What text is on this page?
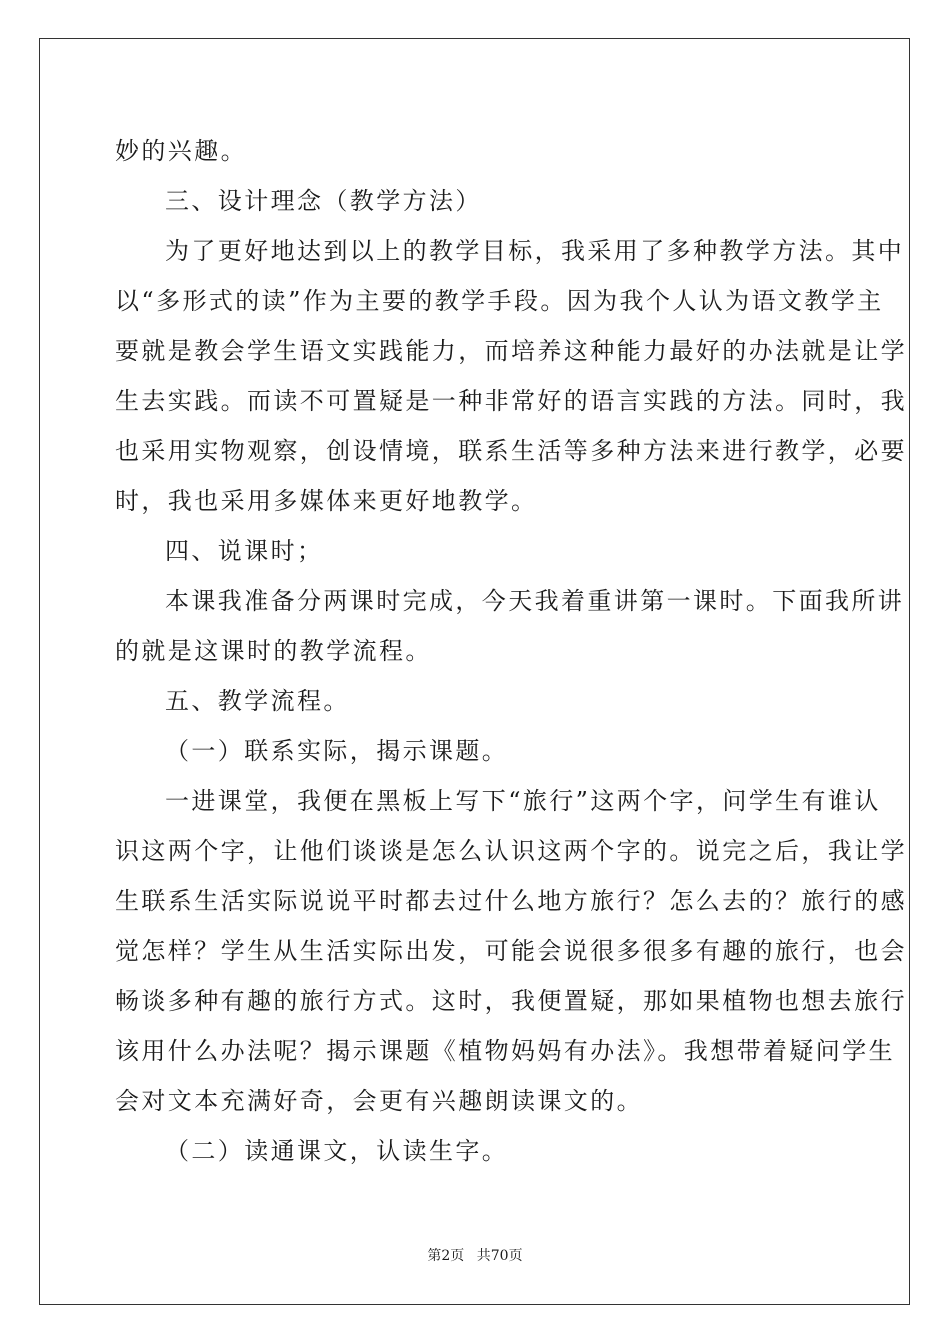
妙的兴趣。
三、设计理念（教学方法）
为了更好地达到以上的教学目标，我采用了多种教学方法。其中
以“多形式的读”作为主要的教学手段。因为我个人认为语文教学主
要就是教会学生语文实践能力，而培养这种能力最好的办法就是让学
生去实践。而读不可置疑是一种非常好的语言实践的方法。同时，我
也采用实物观察，创设情境，联系生活等多种方法来进行教学，必要
时，我也采用多媒体来更好地教学。
四、说课时；
本课我准备分两课时完成，今天我着重讲第一课时。下面我所讲
的就是这课时的教学流程。
五、教学流程。
（一）联系实际，揭示课题。
一进课堂，我便在黑板上写下“旅行”这两个字，问学生有谁认
识这两个字，让他们谈谈是怎么认识这两个字的。说完之后，我让学
生联系生活实际说说平时都去过什么地方旅行？怎么去的？旅行的感
觉怎样？学生从生活实际出发，可能会说很多很多有趣的旅行，也会
畅谈多种有趣的旅行方式。这时，我便置疑，那如果植物也想去旅行
该用什么办法呢？揭示课题《植物妈妈有办法》。我想带着疑问学生
会对文本充满好奇，会更有兴趣朗读课文的。
（二）读通课文，认读生字。
第2页 共70页
